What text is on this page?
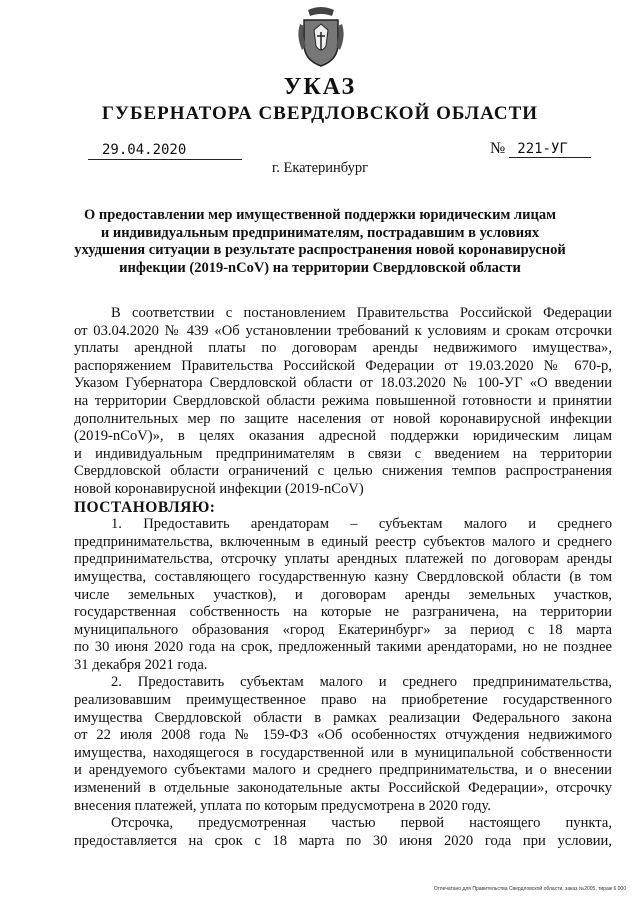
УКАЗ
ГУБЕРНАТОРА СВЕРДЛОВСКОЙ ОБЛАСТИ
29.04.2020	№ 221-УГ
г. Екатеринбург
О предоставлении мер имущественной поддержки юридическим лицам
и индивидуальным предпринимателям, пострадавшим в условиях
ухудшения ситуации в результате распространения новой коронавирусной
инфекции (2019-nCoV) на территории Свердловской области
В соответствии с постановлением Правительства Российской Федерации
от 03.04.2020 № 439 «Об установлении требований к условиям и срокам отсрочки
уплаты арендной платы по договорам аренды недвижимого имущества»,
распоряжением Правительства Российской Федерации от 19.03.2020 № 670-р,
Указом Губернатора Свердловской области от 18.03.2020 № 100-УГ «О введении
на территории Свердловской области режима повышенной готовности и принятии
дополнительных мер по защите населения от новой коронавирусной инфекции
(2019-nCoV)», в целях оказания адресной поддержки юридическим лицам
и индивидуальным предпринимателям в связи с введением на территории
Свердловской области ограничений с целью снижения темпов распространения
новой коронавирусной инфекции (2019-nCoV)
ПОСТАНОВЛЯЮ:
1. Предоставить арендаторам – субъектам малого и среднего
предпринимательства, включенным в единый реестр субъектов малого и среднего
предпринимательства, отсрочку уплаты арендных платежей по договорам аренды
имущества, составляющего государственную казну Свердловской области (в том
числе земельных участков), и договорам аренды земельных участков,
государственная собственность на которые не разграничена, на территории
муниципального образования «город Екатеринбург» за период с 18 марта
по 30 июня 2020 года на срок, предложенный такими арендаторами, но не позднее
31 декабря 2021 года.
2. Предоставить субъектам малого и среднего предпринимательства,
реализовавшим преимущественное право на приобретение государственного
имущества Свердловской области в рамках реализации Федерального закона
от 22 июля 2008 года № 159-ФЗ «Об особенностях отчуждения недвижимого
имущества, находящегося в государственной или в муниципальной собственности
и арендуемого субъектами малого и среднего предпринимательства, и о внесении
изменений в отдельные законодательные акты Российской Федерации», отсрочку
внесения платежей, уплата по которым предусмотрена в 2020 году.
Отсрочка, предусмотренная частью первой настоящего пункта,
предоставляется на срок с 18 марта по 30 июня 2020 года при условии,
Отпечатано для Правительства Свердловской области, заказ №2005, тираж 6 000
